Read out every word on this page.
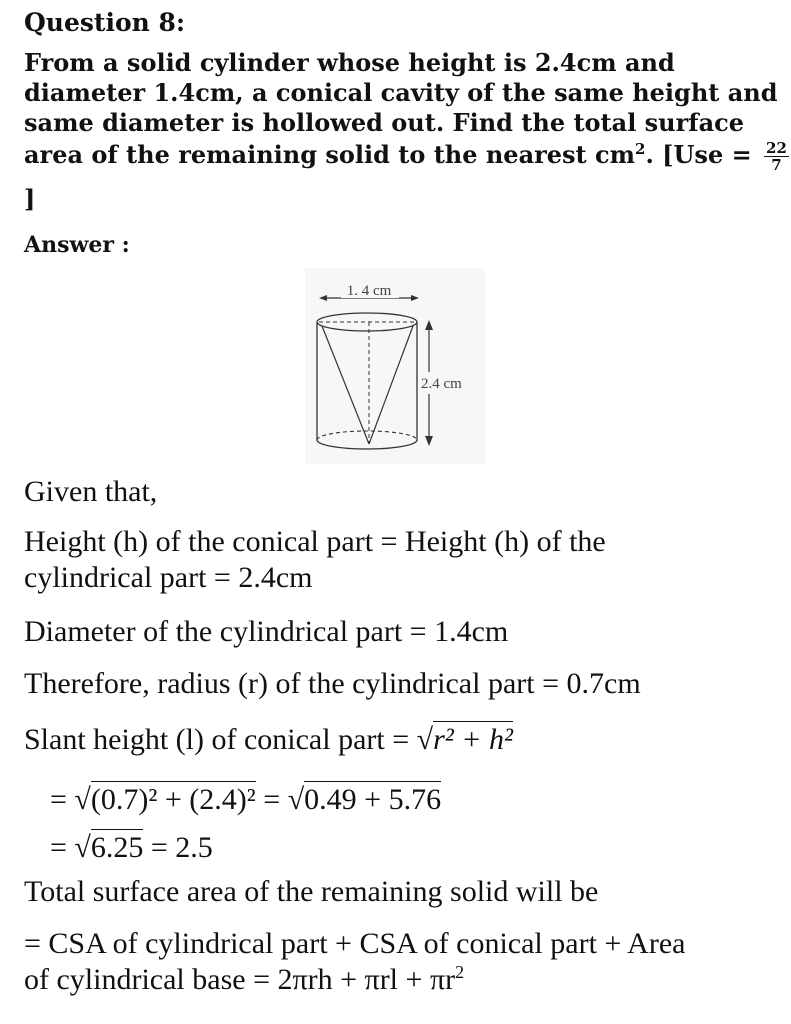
Question 8:
From a solid cylinder whose height is 2.4cm and
diameter 1.4cm, a conical cavity of the same height and
same diameter is hollowed out. Find the total surface
area of the remaining solid to the nearest $cm^2$. [$Use = \frac{22}{7}$
]
Answer :
1. 4 cm
2.4 cm
Given that,
Height (h) of the conical part = Height (h) of the
cylindrical part = 2.4cm
Diameter of the cylindrical part = 1.4cm
Therefore, radius (r) of the cylindrical part = 0.7cm
Slant height (l) of conical part = √r² + h²
= √(0.7)² + (2.4)² = √0.49 + 5.76
= √6.25 = 2.5
Total surface area of the remaining solid will be
= CSA of cylindrical part + CSA of conical part + Area
of cylindrical base = $2\pi rh + \pi rl + \pi r^2$
